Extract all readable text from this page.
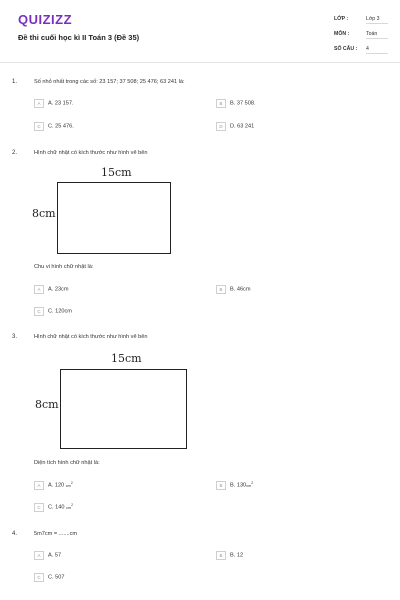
QUIZIZZ
Đề thi cuối học kì II Toán 3 (Đề 35)
LỚP :	Lớp 3
MÔN :	Toán
SỐ CÂU : 4
1.	Số nhỏ nhất trong các số: 23 157; 37 508; 25 476; 63 241 là:
A A. 23 157.	B B. 37 508.
C C. 25 476.	D D. 63 241
2.	Hình chữ nhật có kích thước như hình vẽ bên
15cm
8cm
Chu vi hình chữ nhật là:
A A. 23cm	B B. 46cm
C C. 120cm
3.	Hình chữ nhật có kích thước như hình vẽ bên
15cm
8cm
Diện tích hình chữ nhật là:
A A. 120 $cm^2$	B B. $130cm^2$
C C. 140 $cm^2$
4.	5m7cm = .......cm
A A. 57	B B. 12
C C. 507
